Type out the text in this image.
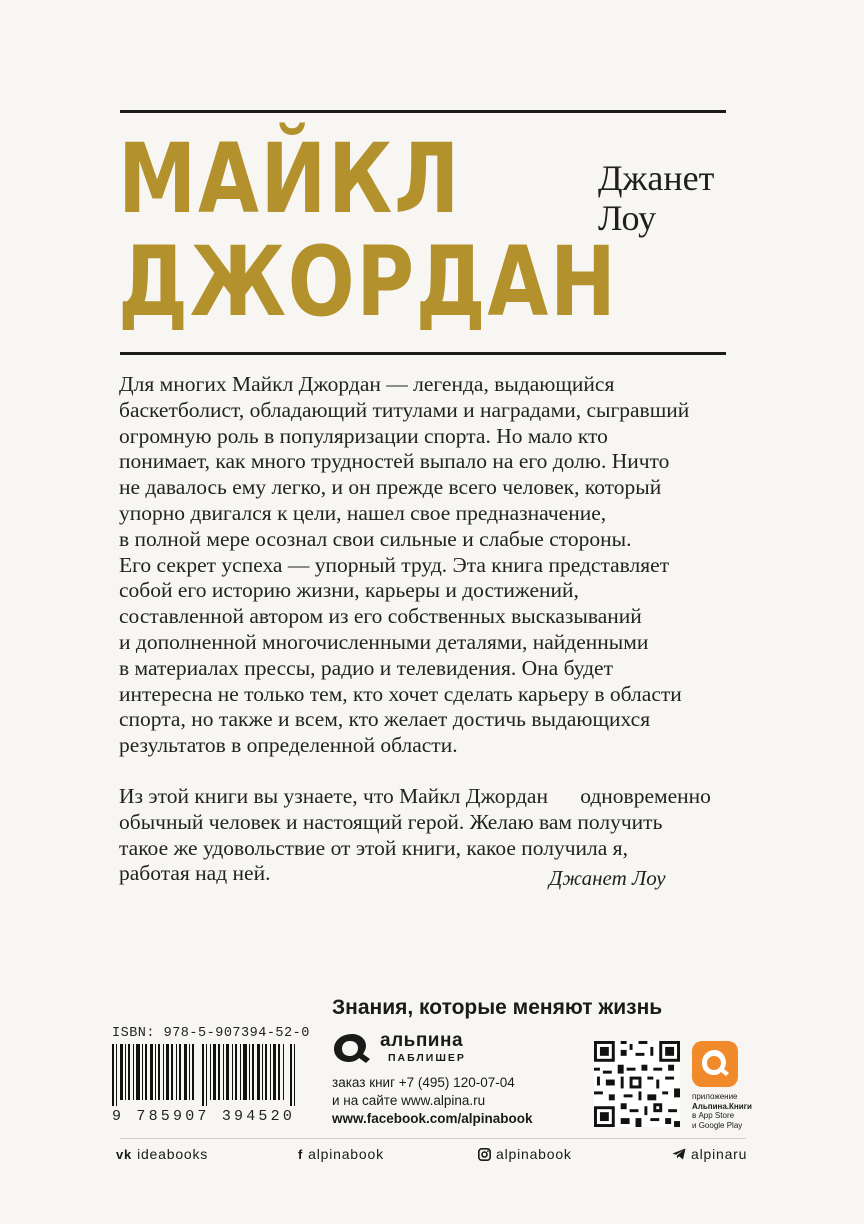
МАЙКЛ
ДЖОРДАН
Джанет
Лоу
Для многих Майкл Джордан — легенда, выдающийся
баскетболист, обладающий титулами и наградами, сыгравший
огромную роль в популяризации спорта. Но мало кто
понимает, как много трудностей выпало на его долю. Ничто
не давалось ему легко, и он прежде всего человек, который
упорно двигался к цели, нашел свое предназначение,
в полной мере осознал свои сильные и слабые стороны.
Его секрет успеха — упорный труд. Эта книга представляет
собой его историю жизни, карьеры и достижений,
составленной автором из его собственных высказываний
и дополненной многочисленными деталями, найденными
в материалах прессы, радио и телевидения. Она будет
интересна не только тем, кто хочет сделать карьеру в области
спорта, но также и всем, кто желает достичь выдающихся
результатов в определенной области.
Из этой книги вы узнаете, что Майкл Джордан      одновременно
обычный человек и настоящий герой. Желаю вам получить
такое же удовольствие от этой книги, какое получила я,
работая над ней.	Джанет Лоу
Знания, которые меняют жизнь
ISBN: 978-5-907394-52-0
9 785907 394520
альпина
ПАБЛИШЕР
заказ книг +7 (495) 120-07-04
и на сайте www.alpina.ru
www.facebook.com/alpinabook
приложение
Альпина.Книги
в App Store
и Google Play
vk ideabooks	f alpinabook	alpinabook	alpinaru
